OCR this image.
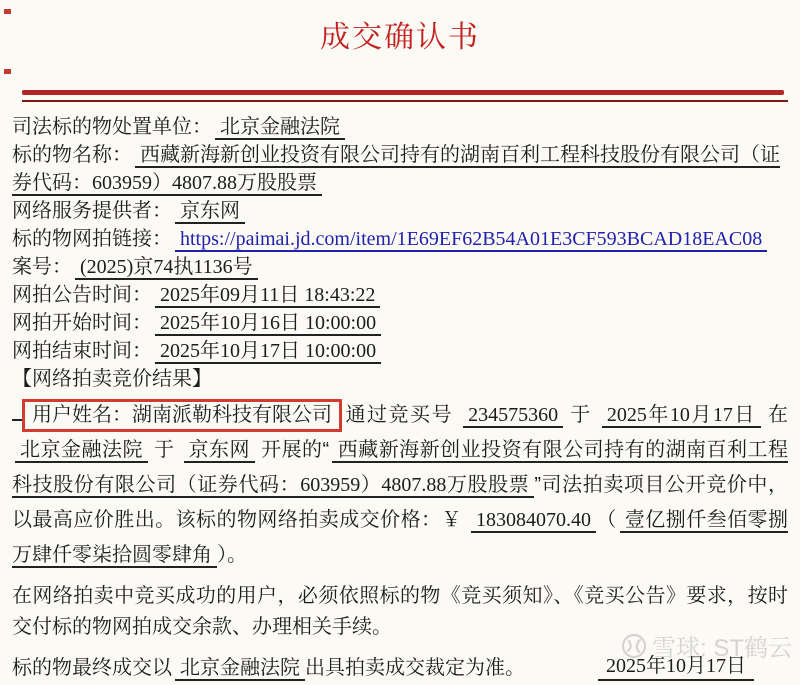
成交确认书
司法标的物处置单位： 北京金融法院
标的物名称： 西藏新海新创业投资有限公司持有的湖南百利工程科技股份有限公司（证券代码：603959）4807.88万股股票
网络服务提供者： 京东网
标的物网拍链接： https://paimai.jd.com/item/1E69EF62B54A01E3CF593BCAD18EAC08
案号： (2025)京74执1136号
网拍公告时间： 2025年09月11日 18:43:22
网拍开始时间： 2025年10月16日 10:00:00
网拍结束时间： 2025年10月17日 10:00:00
【网络拍卖竞价结果】

用户姓名：湖南派勒科技有限公司 通过竞买号 234575360 于 2025年10月17日 在 北京金融法院 于 京东网 开展的“ 西藏新海新创业投资有限公司持有的湖南百利工程科技股份有限公司（证券代码：603959）4807.88万股股票 ”司法拍卖项目公开竞价中，以最高应价胜出。该标的物网络拍卖成交价格：￥ 183084070.40 （ 壹亿捌仟叁佰零捌万肆仟零柒拾圆零肆角 ）。

在网络拍卖中竞买成功的用户，必须依照标的物《竞买须知》、《竞买公告》要求，按时交付标的物网拍成交余款、办理相关手续。

标的物最终成交以 北京金融法院 出具拍卖成交裁定为准。

雪球: ST鹤云
2025年10月17日
